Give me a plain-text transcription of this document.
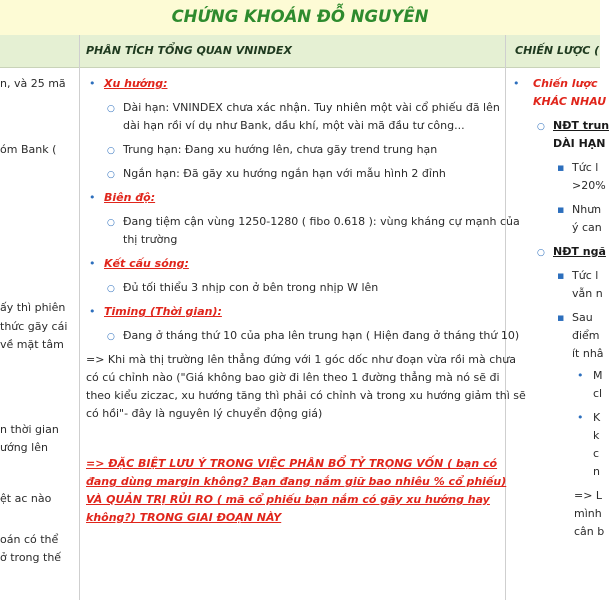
CHỨNG KHOÁN ĐỖ NGUYÊN
PHÂN TÍCH TỔNG QUAN VNINDEX	CHIẾN LƯỢC (
n, và 25 mã
óm Bank (
ấy thì phiên
thức gãy cái
về mặt tâm
n thời gian
ướng lên
ệt ac nào
oán có thể
ở trong thế
• Xu hướng:
○ Dài hạn: VNINDEX chưa xác nhận. Tuy nhiên một vài cổ phiếu đã lên
dài hạn rồi ví dụ như Bank, dầu khí, một vài mã đầu tư công...
○ Trung hạn: Đang xu hướng lên, chưa gãy trend trung hạn
○ Ngắn hạn: Đã gãy xu hướng ngắn hạn với mẫu hình 2 đỉnh
• Biên độ:
○ Đang tiệm cận vùng 1250-1280 ( fibo 0.618 ): vùng kháng cự mạnh của
thị trường
• Kết cấu sóng:
○ Đủ tối thiểu 3 nhịp con ở bên trong nhịp W lên
• Timing (Thời gian):
○ Đang ở tháng thứ 10 của pha lên trung hạn ( Hiện đang ở tháng thứ 10)
=> Khi mà thị trường lên thẳng đứng với 1 góc dốc như đoạn vừa rồi mà chưa
có cú chỉnh nào ("Giá không bao giờ đi lên theo 1 đường thẳng mà nó sẽ đi
theo kiểu ziczac, xu hướng tăng thì phải có chỉnh và trong xu hướng giảm thì sẽ
có hồi"- đây là nguyên lý chuyển động giá)
=> ĐẶC BIỆT LƯU Ý TRONG VIỆC PHÂN BỔ TỶ TRỌNG VỐN ( bạn có
đang dùng margin không? Bạn đang nắm giữ bao nhiêu % cổ phiếu)
VÀ QUẢN TRỊ RỦI RO ( mã cổ phiếu bạn nắm có gãy xu hướng hay
không?) TRONG GIAI ĐOẠN NÀY
• Chiến lược
KHÁC NHAU
○ NĐT trun
DÀI HẠN
▪ Tức l
>20%
▪ Nhưn
ý can
○ NĐT ngă
▪ Tức l
vẫn n
▪ Sau
điểm
ít nhâ
• M
cl
• K
k
c
n
=> L
mình
cân b
